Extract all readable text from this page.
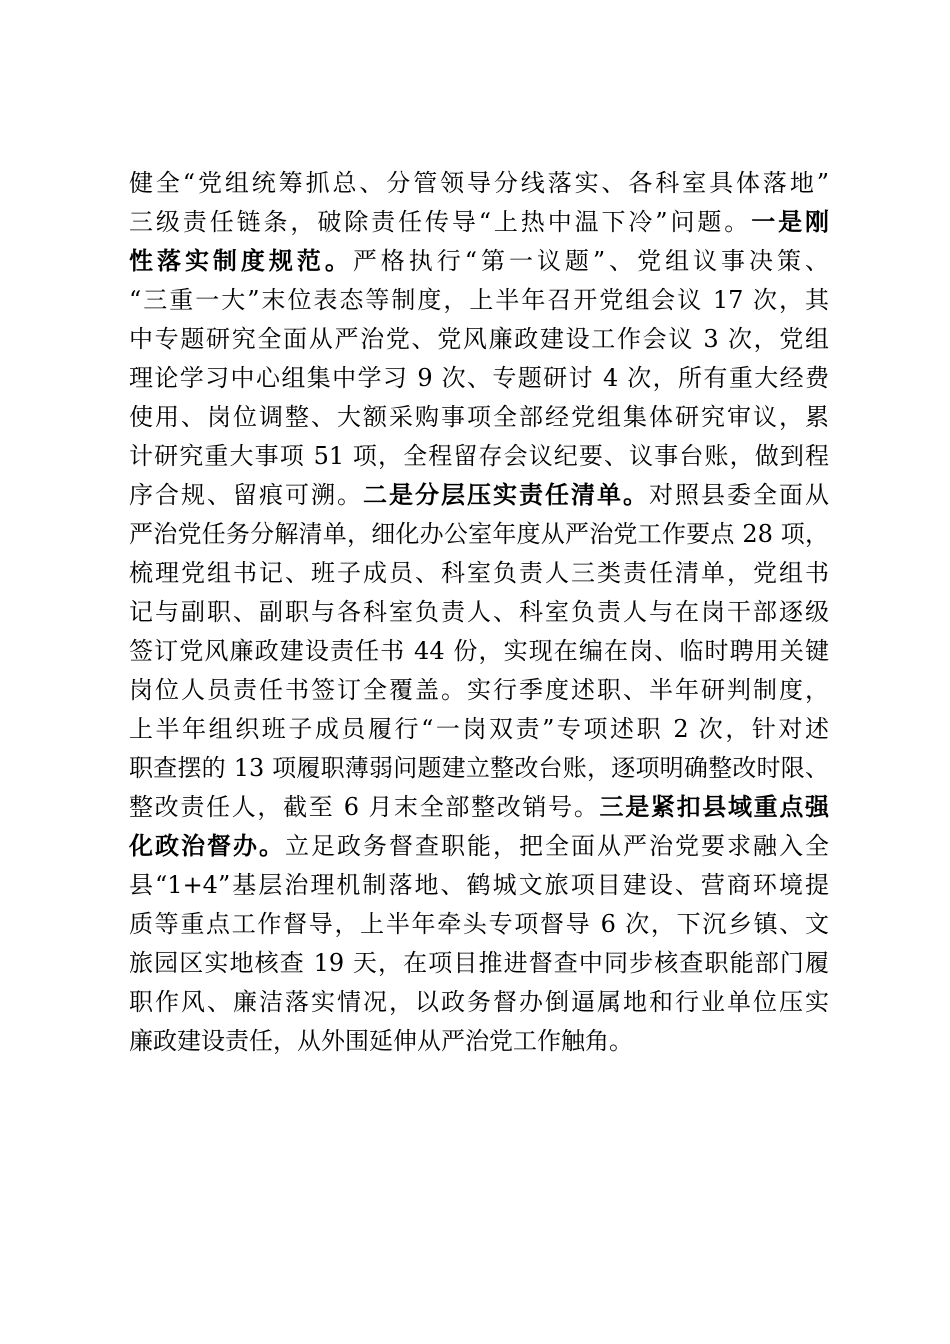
健全“党组统筹抓总、分管领导分线落实、各科室具体落地”
三级责任链条，破除责任传导“上热中温下冷”问题。一是刚
性落实制度规范。严格执行“第一议题”、党组议事决策、
“三重一大”末位表态等制度，上半年召开党组会议 17 次，其
中专题研究全面从严治党、党风廉政建设工作会议 3 次，党组
理论学习中心组集中学习 9 次、专题研讨 4 次，所有重大经费
使用、岗位调整、大额采购事项全部经党组集体研究审议，累
计研究重大事项 51 项，全程留存会议纪要、议事台账，做到程
序合规、留痕可溯。二是分层压实责任清单。对照县委全面从
严治党任务分解清单，细化办公室年度从严治党工作要点 28 项，
梳理党组书记、班子成员、科室负责人三类责任清单，党组书
记与副职、副职与各科室负责人、科室负责人与在岗干部逐级
签订党风廉政建设责任书 44 份，实现在编在岗、临时聘用关键
岗位人员责任书签订全覆盖。实行季度述职、半年研判制度，
上半年组织班子成员履行“一岗双责”专项述职 2 次，针对述
职查摆的 13 项履职薄弱问题建立整改台账，逐项明确整改时限、
整改责任人，截至 6 月末全部整改销号。三是紧扣县域重点强
化政治督办。立足政务督查职能，把全面从严治党要求融入全
县“1+4”基层治理机制落地、鹤城文旅项目建设、营商环境提
质等重点工作督导，上半年牵头专项督导 6 次，下沉乡镇、文
旅园区实地核查 19 天，在项目推进督查中同步核查职能部门履
职作风、廉洁落实情况，以政务督办倒逼属地和行业单位压实
廉政建设责任，从外围延伸从严治党工作触角。
